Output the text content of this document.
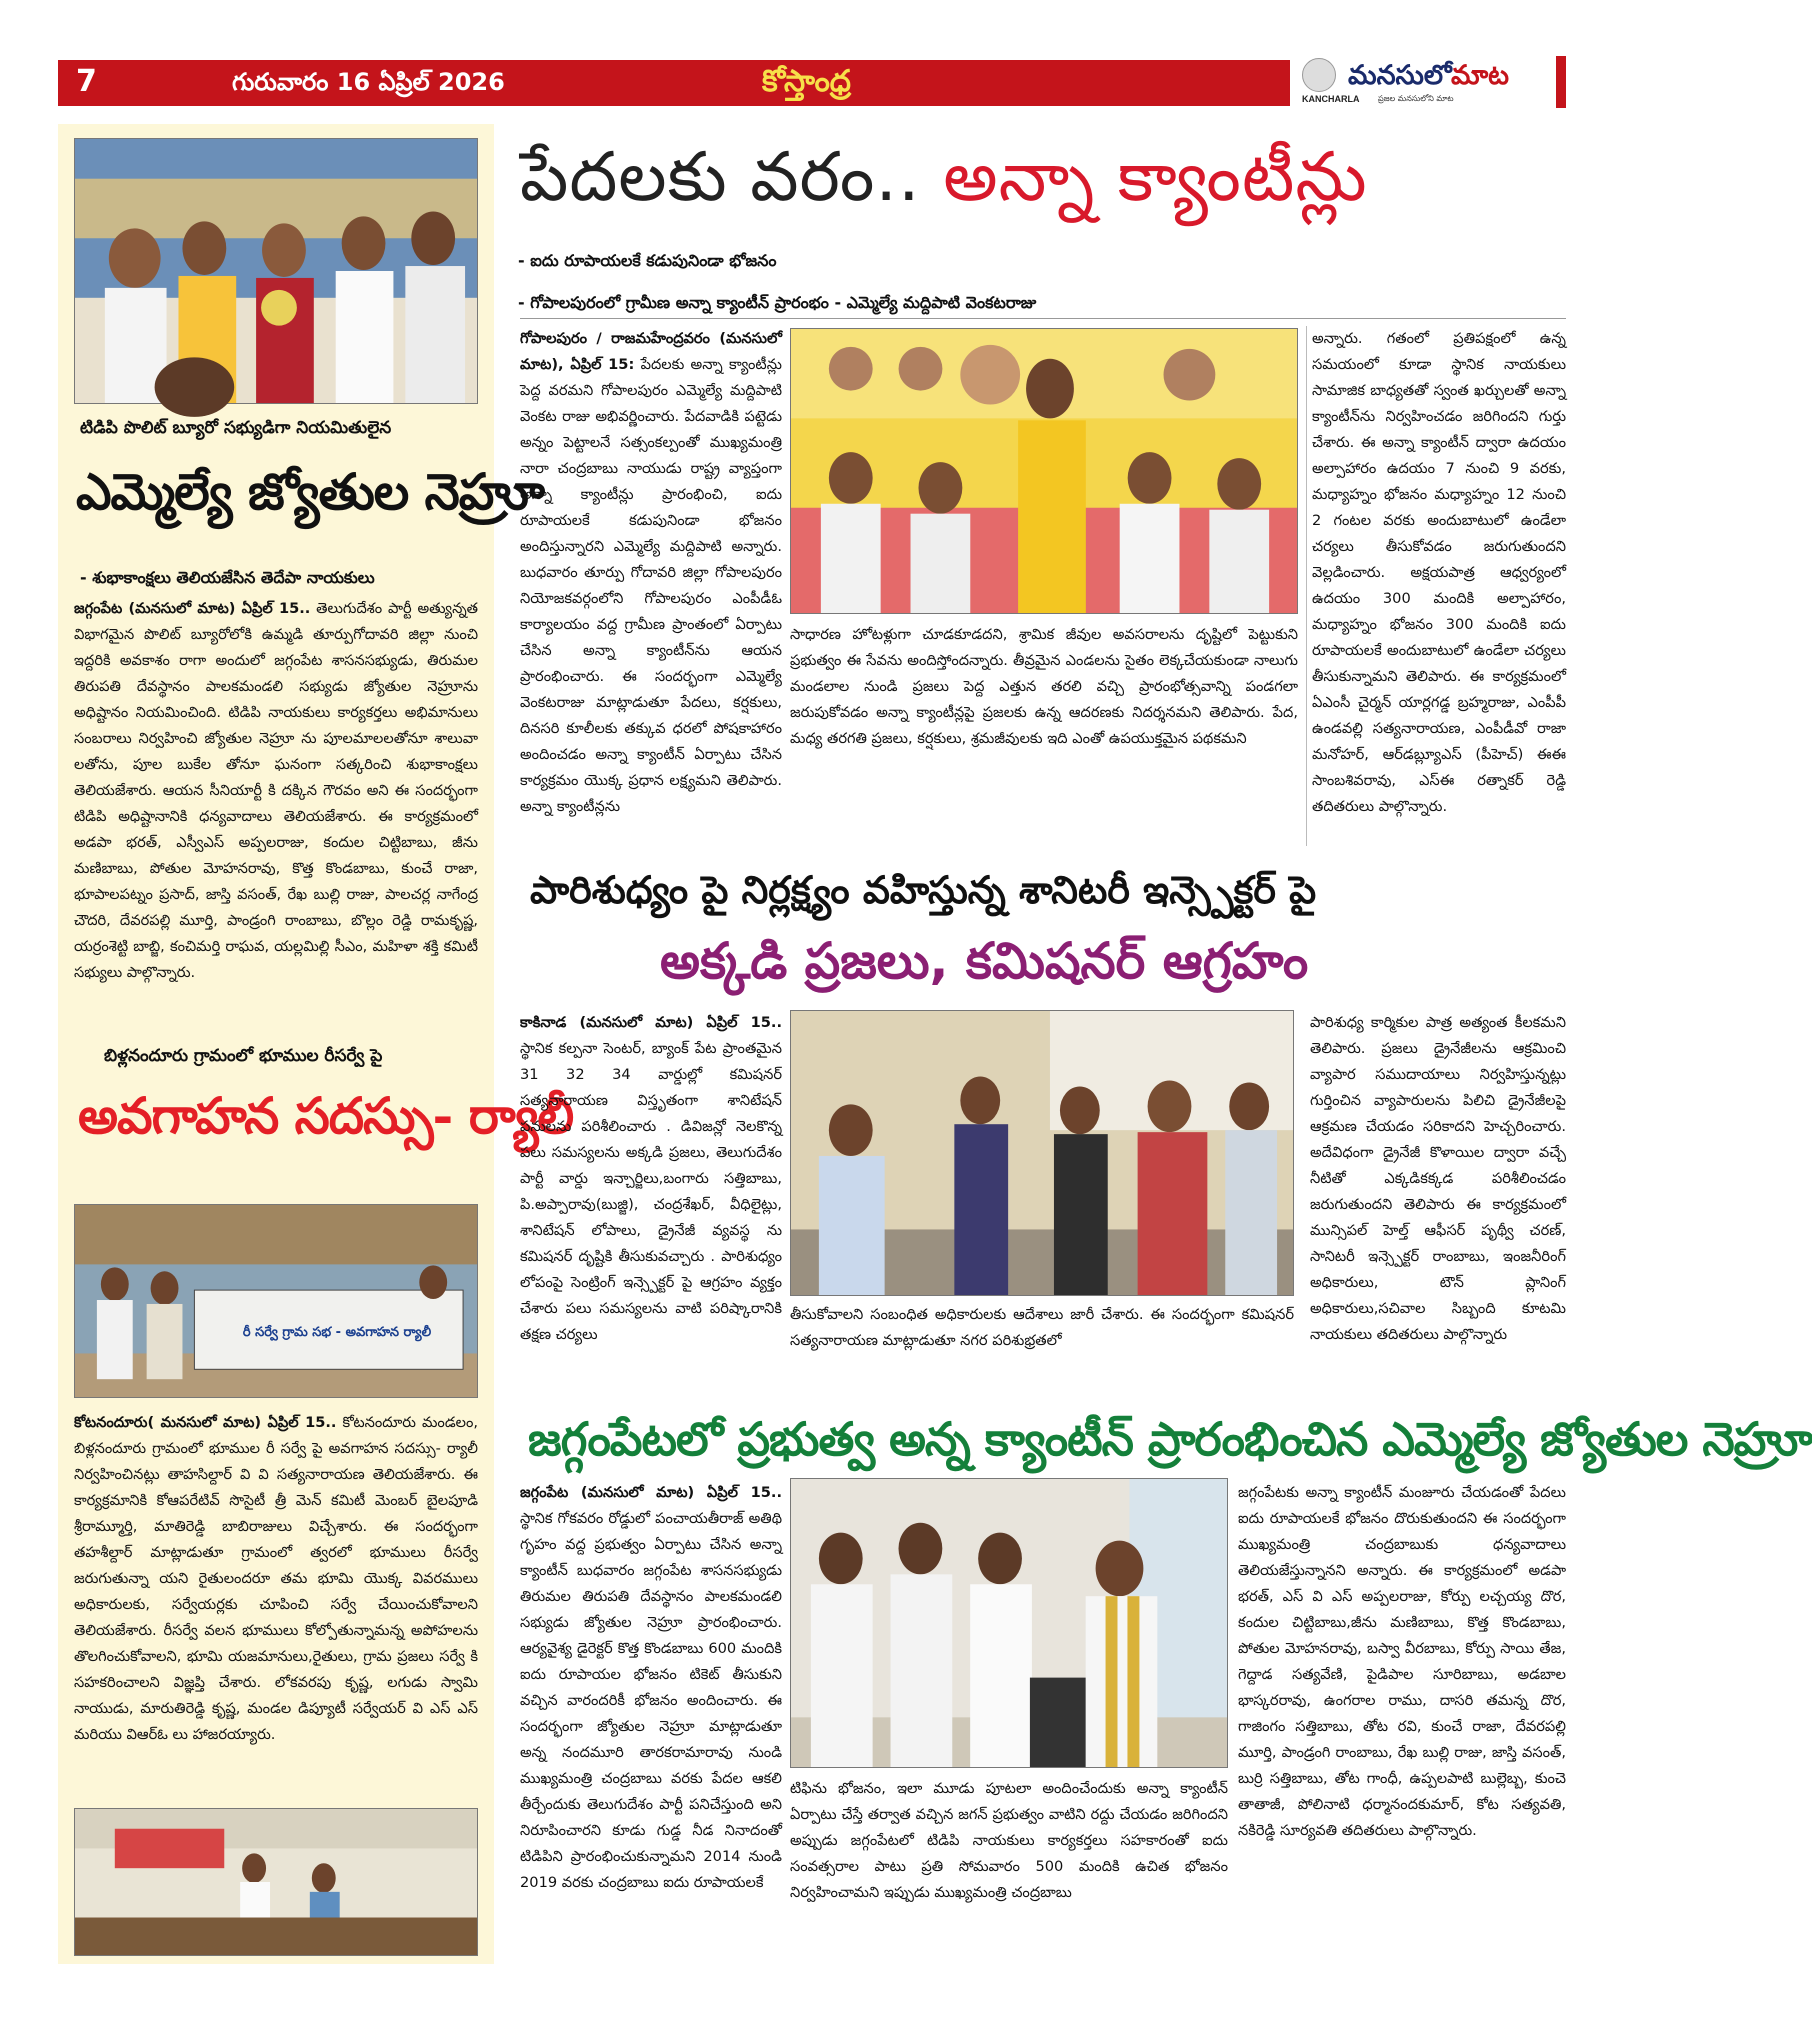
7	గురువారం 16 ఏప్రిల్ 2026	కోస్తాంధ్ర	KANCHARLA
మనసులోమాట
ప్రజల మనసులోని మాట
టిడిపి పొలిట్ బ్యూరో సభ్యుడిగా నియమితులైన
ఎమ్మెల్యే జ్యోతుల నెహ్రూ
- శుభాకాంక్షలు తెలియజేసిన తెదేపా నాయకులు
జగ్గంపేట (మనసులో మాట) ఏప్రిల్ 15.. తెలుగుదేశం పార్టీ అత్యున్నత విభాగమైన పొలిట్ బ్యూరోలోకి ఉమ్మడి తూర్పుగోదావరి జిల్లా నుంచి ఇద్దరికి అవకాశం రాగా అందులో జగ్గంపేట శాసనసభ్యుడు, తిరుమల తిరుపతి దేవస్థానం పాలకమండలి సభ్యుడు జ్యోతుల నెహ్రూను అధిష్టానం నియమించింది. టిడిపి నాయకులు కార్యకర్తలు అభిమానులు సంబరాలు నిర్వహించి జ్యోతుల నెహ్రూ ను పూలమాలలతోనూ శాలువా లతోను, పూల బుకేల తోనూ ఘనంగా సత్కరించి శుభాకాంక్షలు తెలియజేశారు. ఆయన సీనియార్టీ కి దక్కిన గౌరవం అని ఈ సందర్భంగా టిడిపి అధిష్టానానికి ధన్యవాదాలు తెలియజేశారు. ఈ కార్యక్రమంలో అడపా భరత్, ఎస్వీఎస్ అప్పలరాజు, కందుల చిట్టిబాబు, జీను మణిబాబు, పోతుల మోహనరావు, కొత్త కొండబాబు, కుంచే రాజా, భూపాలపట్నం ప్రసాద్, జాస్తి వసంత్, రేఖ బుల్లి రాజు, పాలచర్ల నాగేంద్ర చౌదరి, దేవరపల్లి మూర్తి, పాండ్రంగి రాంబాబు, బొల్లం రెడ్డి రామకృష్ణ, యర్రంశెట్టి బాబ్జి, కంచిమర్తి రాఘవ, యల్లమిల్లి సీఎం, మహిళా శక్తి కమిటీ సభ్యులు పాల్గొన్నారు.
బిళ్లనందూరు గ్రామంలో భూముల రీసర్వే పై
అవగాహన సదస్సు- ర్యాలీ
రీ సర్వే గ్రామ సభ - అవగాహన ర్యాలీ
కోటనందూరు( మనసులో మాట) ఏప్రిల్ 15.. కోటనందూరు మండలం, బిళ్లనందూరు గ్రామంలో భూముల రీ సర్వే పై అవగాహన సదస్సు- ర్యాలీ నిర్వహించినట్లు తాహసిల్దార్ వి వి సత్యనారాయణ తెలియజేశారు. ఈ కార్యక్రమానికి కోఆపరేటివ్ సొసైటీ త్రీ మెన్ కమిటీ మెంబర్ బైలపూడి శ్రీరామ్మూర్తి, మాతిరెడ్డి బాబిరాజులు విచ్చేశారు. ఈ సందర్భంగా తహశీల్దార్ మాట్లాడుతూ గ్రామంలో త్వరలో భూములు రీసర్వే జరుగుతున్నా యని రైతులందరూ తమ భూమి యొక్క వివరములు అధికారులకు, సర్వేయర్లకు చూపించి సర్వే చేయించుకోవాలని తెలియజేశారు. రీసర్వే వలన భూములు కోల్పోతున్నామన్న అపోహలను తొలగించుకోవాలని, భూమి యజమానులు,రైతులు, గ్రామ ప్రజలు సర్వే కి సహకరించాలని విజ్ఞప్తి చేశారు. లోకవరపు కృష్ణ, లగుడు స్వామి నాయుడు, మారుతిరెడ్డి కృష్ణ, మండల డిప్యూటీ సర్వేయర్ వి ఎస్ ఎస్ మరియు విఆర్ఓ లు హాజరయ్యారు.
పేదలకు వరం.. అన్నా క్యాంటీన్లు
- ఐదు రూపాయలకే కడుపునిండా భోజనం
- గోపాలపురంలో గ్రామీణ అన్నా క్యాంటీన్ ప్రారంభం - ఎమ్మెల్యే మద్దిపాటి వెంకటరాజు
గోపాలపురం / రాజమహేంద్రవరం (మనసులో మాట), ఏప్రిల్ 15: పేదలకు అన్నా క్యాంటీన్లు పెద్ద వరమని గోపాలపురం ఎమ్మెల్యే మద్దిపాటి వెంకట రాజు అభివర్ణించారు. పేదవాడికి పట్టెడు అన్నం పెట్టాలనే సత్సంకల్పంతో ముఖ్యమంత్రి నారా చంద్రబాబు నాయుడు రాష్ట్ర వ్యాప్తంగా అన్నా క్యాంటీన్లు ప్రారంభించి, ఐదు రూపాయలకే కడుపునిండా భోజనం అందిస్తున్నారని ఎమ్మెల్యే మద్దిపాటి అన్నారు. బుధవారం తూర్పు గోదావరి జిల్లా గోపాలపురం నియోజకవర్గంలోని గోపాలపురం ఎంపీడీఓ కార్యాలయం వద్ద గ్రామీణ ప్రాంతంలో ఏర్పాటు చేసిన అన్నా క్యాంటీన్‌ను ఆయన ప్రారంభించారు. ఈ సందర్భంగా ఎమ్మెల్యే వెంకటరాజు మాట్లాడుతూ పేదలు, కర్షకులు, దినసరి కూలీలకు తక్కువ ధరలో పోషకాహారం అందించడం అన్నా క్యాంటీన్ ఏర్పాటు చేసిన కార్యక్రమం యొక్క ప్రధాన లక్ష్యమని తెలిపారు. అన్నా క్యాంటీన్లను
సాధారణ హోటళ్లుగా చూడకూడదని, శ్రామిక జీవుల అవసరాలను దృష్టిలో పెట్టుకుని ప్రభుత్వం ఈ సేవను అందిస్తోందన్నారు. తీవ్రమైన ఎండలను సైతం లెక్కచేయకుండా నాలుగు మండలాల నుండి ప్రజలు పెద్ద ఎత్తున తరలి వచ్చి ప్రారంభోత్సవాన్ని పండగలా జరుపుకోవడం అన్నా క్యాంటీన్లపై ప్రజలకు ఉన్న ఆదరణకు నిదర్శనమని తెలిపారు. పేద, మధ్య తరగతి ప్రజలు, కర్షకులు, శ్రమజీవులకు ఇది ఎంతో ఉపయుక్తమైన పథకమని
అన్నారు. గతంలో ప్రతిపక్షంలో ఉన్న సమయంలో కూడా స్థానిక నాయకులు సామాజిక బాధ్యతతో స్వంత ఖర్చులతో అన్నా క్యాంటీన్‌ను నిర్వహించడం జరిగిందని గుర్తు చేశారు. ఈ అన్నా క్యాంటీన్ ద్వారా ఉదయం అల్పాహారం ఉదయం 7 నుంచి 9 వరకు, మధ్యాహ్నం భోజనం మధ్యాహ్నం 12 నుంచి 2 గంటల వరకు అందుబాటులో ఉండేలా చర్యలు తీసుకోవడం జరుగుతుందని వెల్లడించారు. అక్షయపాత్ర ఆధ్వర్యంలో ఉదయం 300 మందికి అల్పాహారం, మధ్యాహ్నం భోజనం 300 మందికి ఐదు రూపాయలకే అందుబాటులో ఉండేలా చర్యలు తీసుకున్నామని తెలిపారు. ఈ కార్యక్రమంలో ఏఎంసీ చైర్మన్ యార్లగడ్డ బ్రహ్మరాజు, ఎంపీపీ ఉండవల్లి సత్యనారాయణ, ఎంపీడీవో రాజా మనోహర్, ఆర్‌డబ్ల్యూఎస్ (పీహెచ్) ఈఈ సాంబశివరావు, ఎస్ఈ రత్నాకర్ రెడ్డి తదితరులు పాల్గొన్నారు.
పారిశుధ్యం పై నిర్లక్ష్యం వహిస్తున్న శానిటరీ ఇన్స్పెక్టర్ పై
అక్కడి ప్రజలు, కమిషనర్ ఆగ్రహం
కాకినాడ (మనసులో మాట) ఏప్రిల్ 15.. స్థానిక కల్పనా సెంటర్, బ్యాంక్ పేట ప్రాంతమైన 31 32 34 వార్డుల్లో కమిషనర్ సత్యనారాయణ విస్తృతంగా శానిటేషన్ పనులను పరిశీలించారు . డివిజన్లో నెలకొన్న పలు సమస్యలను అక్కడి ప్రజలు, తెలుగుదేశం పార్టీ వార్డు ఇన్చార్జిలు,బంగారు సత్తిబాబు, పి.అప్పారావు(బుజ్జి), చంద్రశేఖర్, వీధిలైట్లు, శానిటేషన్ లోపాలు, డ్రైనేజీ వ్యవస్థ ను కమిషనర్ దృష్టికి తీసుకువచ్చారు . పారిశుధ్యం లోపంపై సెంట్రింగ్ ఇన్స్పెక్టర్ పై ఆగ్రహం వ్యక్తం చేశారు పలు సమస్యలను వాటి పరిష్కారానికి తక్షణ చర్యలు
తీసుకోవాలని సంబంధిత అధికారులకు ఆదేశాలు జారీ చేశారు. ఈ సందర్భంగా కమిషనర్ సత్యనారాయణ మాట్లాడుతూ నగర పరిశుభ్రతలో
పారిశుధ్య కార్మికుల పాత్ర అత్యంత కీలకమని తెలిపారు. ప్రజలు డ్రైనేజీలను ఆక్రమించి వ్యాపార సముదాయాలు నిర్వహిస్తున్నట్లు గుర్తించిన వ్యాపారులను పిలిచి డ్రైనేజీలపై ఆక్రమణ చేయడం సరికాదని హెచ్చరించారు. అదేవిధంగా డ్రైనేజీ కొళాయిల ద్వారా వచ్చే నీటితో ఎక్కడికక్కడ పరిశీలించడం జరుగుతుందని తెలిపారు ఈ కార్యక్రమంలో మున్సిపల్ హెల్త్ ఆఫీసర్ పృథ్వీ చరణ్, సానిటరీ ఇన్స్పెక్టర్ రాంబాబు, ఇంజనీరింగ్ అధికారులు, టౌన్ ప్లానింగ్ అధికారులు,సచివాల సిబ్బంది కూటమి నాయకులు తదితరులు పాల్గొన్నారు
జగ్గంపేటలో ప్రభుత్వ అన్న క్యాంటీన్ ప్రారంభించిన ఎమ్మెల్యే జ్యోతుల నెహ్రూ
జగ్గంపేట (మనసులో మాట) ఏప్రిల్ 15.. స్థానిక గోకవరం రోడ్డులో పంచాయతీరాజ్ అతిథి గృహం వద్ద ప్రభుత్వం ఏర్పాటు చేసిన అన్నా క్యాంటీన్ బుధవారం జగ్గంపేట శాసనసభ్యుడు తిరుమల తిరుపతి దేవస్థానం పాలకమండలి సభ్యుడు జ్యోతుల నెహ్రూ ప్రారంభించారు. ఆర్యవైశ్య డైరెక్టర్ కొత్త కొండబాబు 600 మందికి ఐదు రూపాయల భోజనం టికెట్ తీసుకుని వచ్చిన వారందరికీ భోజనం అందించారు. ఈ సందర్భంగా జ్యోతుల నెహ్రూ మాట్లాడుతూ అన్న నందమూరి తారకరామారావు నుండి ముఖ్యమంత్రి చంద్రబాబు వరకు పేదల ఆకలి తీర్చేందుకు తెలుగుదేశం పార్టీ పనిచేస్తుంది అని నిరూపించారని కూడు గుడ్డ నీడ నినాదంతో టిడిపిని ప్రారంభించుకున్నామని 2014 నుండి 2019 వరకు చంద్రబాబు ఐదు రూపాయలకే
టిఫిను భోజనం, ఇలా మూడు పూటలా అందించేందుకు అన్నా క్యాంటీన్ ఏర్పాటు చేస్తే తర్వాత వచ్చిన జగన్ ప్రభుత్వం వాటిని రద్దు చేయడం జరిగిందని అప్పుడు జగ్గంపేటలో టిడిపి నాయకులు కార్యకర్తలు సహకారంతో ఐదు సంవత్సరాల పాటు ప్రతి సోమవారం 500 మందికి ఉచిత భోజనం నిర్వహించామని ఇప్పుడు ముఖ్యమంత్రి చంద్రబాబు
జగ్గంపేటకు అన్నా క్యాంటీన్ మంజూరు చేయడంతో పేదలు ఐదు రూపాయలకే భోజనం దొరుకుతుందని ఈ సందర్భంగా ముఖ్యమంత్రి చంద్రబాబుకు ధన్యవాదాలు తెలియజేస్తున్నానని అన్నారు. ఈ కార్యక్రమంలో అడపా భరత్, ఎస్ వి ఎస్ అప్పలరాజు, కోర్పు లచ్చయ్య దొర, కందుల చిట్టిబాబు,జీను మణిబాబు, కొత్త కొండబాబు, పోతుల మోహనరావు, బస్వా వీరబాబు, కోర్పు సాయి తేజ, గెద్దాడ సత్యవేణి, పైడిపాల సూరిబాబు, అడబాల భాస్కరరావు, ఉంగరాల రాము, దాసరి తమన్న దొర, గాజింగం సత్తిబాబు, తోట రవి, కుంచే రాజా, దేవరపల్లి మూర్తి, పాండ్రంగి రాంబాబు, రేఖ బుల్లి రాజు, జాస్తి వసంత్, బుర్రి సత్తిబాబు, తోట గాంధీ, ఉప్పలపాటి బుల్లెబ్బ, కుంచె తాతాజీ, పోలినాటి ధర్మానందకుమార్, కోట సత్యవతి, నకిరెడ్డి సూర్యవతి తదితరులు పాల్గొన్నారు.
